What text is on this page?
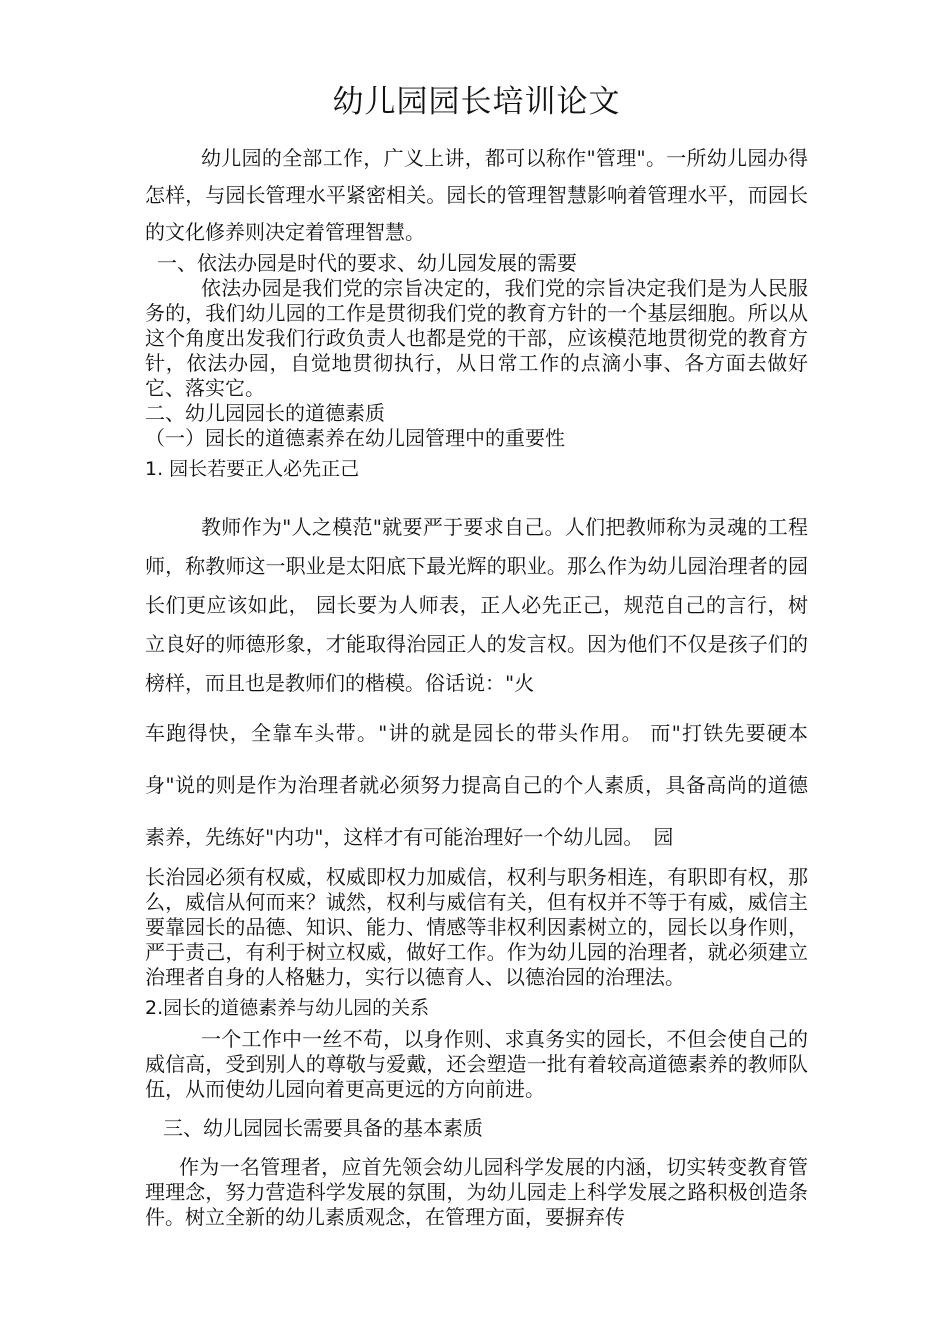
幼儿园园长培训论文

幼儿园的全部工作，广义上讲，都可以称作"管理"。一所幼儿园办得怎样，与园长管理水平紧密相关。园长的管理智慧影响着管理水平，而园长的文化修养则决定着管理智慧。

一、依法办园是时代的要求、幼儿园发展的需要

依法办园是我们党的宗旨决定的，我们党的宗旨决定我们是为人民服务的，我们幼儿园的工作是贯彻我们党的教育方针的一个基层细胞。所以从这个角度出发我们行政负责人也都是党的干部，应该模范地贯彻党的教育方针，依法办园，自觉地贯彻执行，从日常工作的点滴小事、各方面去做好它、落实它。

二、幼儿园园长的道德素质

（一）园长的道德素养在幼儿园管理中的重要性

1. 园长若要正人必先正己

教师作为"人之模范"就要严于要求自己。人们把教师称为灵魂的工程师，称教师这一职业是太阳底下最光辉的职业。那么作为幼儿园治理者的园长们更应该如此， 园长要为人师表，正人必先正己，规范自己的言行，树立良好的师德形象，才能取得治园正人的发言权。因为他们不仅是孩子们的榜样，而且也是教师们的楷模。俗话说："火

车跑得快，全靠车头带。"讲的就是园长的带头作用。 而"打铁先要硬本身"说的则是作为治理者就必须努力提高自己的个人素质，具备高尚的道德素养，先练好"内功"，这样才有可能治理好一个幼儿园。　园

长治园必须有权威，权威即权力加威信，权利与职务相连，有职即有权，那么，威信从何而来？诚然，权利与威信有关，但有权并不等于有威，威信主要靠园长的品德、知识、能力、情感等非权利因素树立的，园长以身作则，严于责己，有利于树立权威，做好工作。作为幼儿园的治理者，就必须建立治理者自身的人格魅力，实行以德育人、以德治园的治理法。

2.园长的道德素养与幼儿园的关系

一个工作中一丝不苟，以身作则、求真务实的园长，不但会使自己的威信高，受到别人的尊敬与爱戴，还会塑造一批有着较高道德素养的教师队伍，从而使幼儿园向着更高更远的方向前进。

三、幼儿园园长需要具备的基本素质

作为一名管理者，应首先领会幼儿园科学发展的内涵，切实转变教育管理理念，努力营造科学发展的氛围，为幼儿园走上科学发展之路积极创造条件。树立全新的幼儿素质观念，在管理方面，要摒弃传
